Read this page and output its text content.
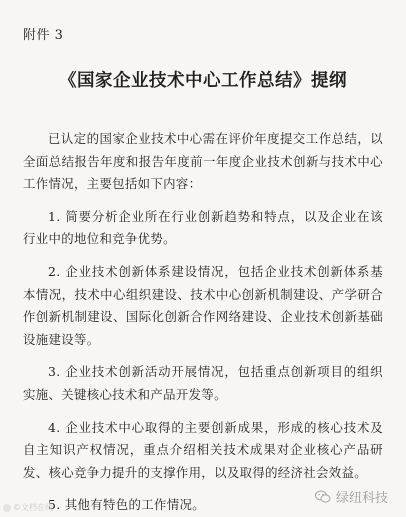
附件 3
《国家企业技术中心工作总结》提纲

已认定的国家企业技术中心需在评价年度提交工作总结，以全面总结报告年度和报告年度前一年度企业技术创新与技术中心工作情况，主要包括如下内容：

1. 简要分析企业所在行业创新趋势和特点，以及企业在该行业中的地位和竞争优势。

2. 企业技术创新体系建设情况，包括企业技术创新体系基本情况，技术中心组织建设、技术中心创新机制建设、产学研合作创新机制建设、国际化创新合作网络建设、企业技术创新基础设施建设等。

3. 企业技术创新活动开展情况，包括重点创新项目的组织实施、关键核心技术和产品开发等。

4. 企业技术中心取得的主要创新成果，形成的核心技术及自主知识产权情况，重点介绍相关技术成果对企业核心产品研发、核心竞争力提升的支撑作用，以及取得的经济社会效益。

5. 其他有特色的工作情况。	绿纽科技
©文档在线
